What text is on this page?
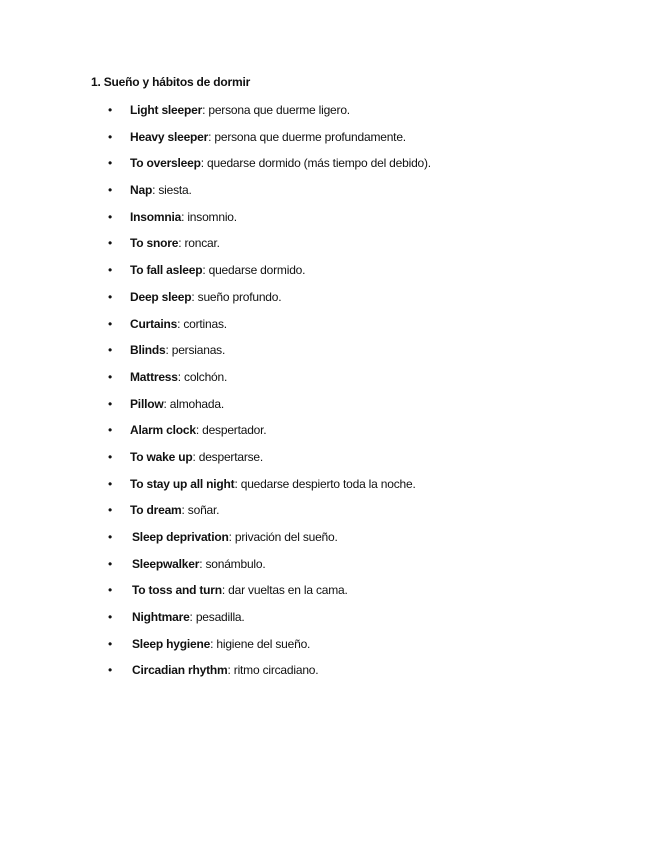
1. Sueño y hábitos de dormir
• Light sleeper: persona que duerme ligero.
• Heavy sleeper: persona que duerme profundamente.
• To oversleep: quedarse dormido (más tiempo del debido).
• Nap: siesta.
• Insomnia: insomnio.
• To snore: roncar.
• To fall asleep: quedarse dormido.
• Deep sleep: sueño profundo.
• Curtains: cortinas.
• Blinds: persianas.
• Mattress: colchón.
• Pillow: almohada.
• Alarm clock: despertador.
• To wake up: despertarse.
• To stay up all night: quedarse despierto toda la noche.
• To dream: soñar.
• Sleep deprivation: privación del sueño.
• Sleepwalker: sonámbulo.
• To toss and turn: dar vueltas en la cama.
• Nightmare: pesadilla.
• Sleep hygiene: higiene del sueño.
• Circadian rhythm: ritmo circadiano.
